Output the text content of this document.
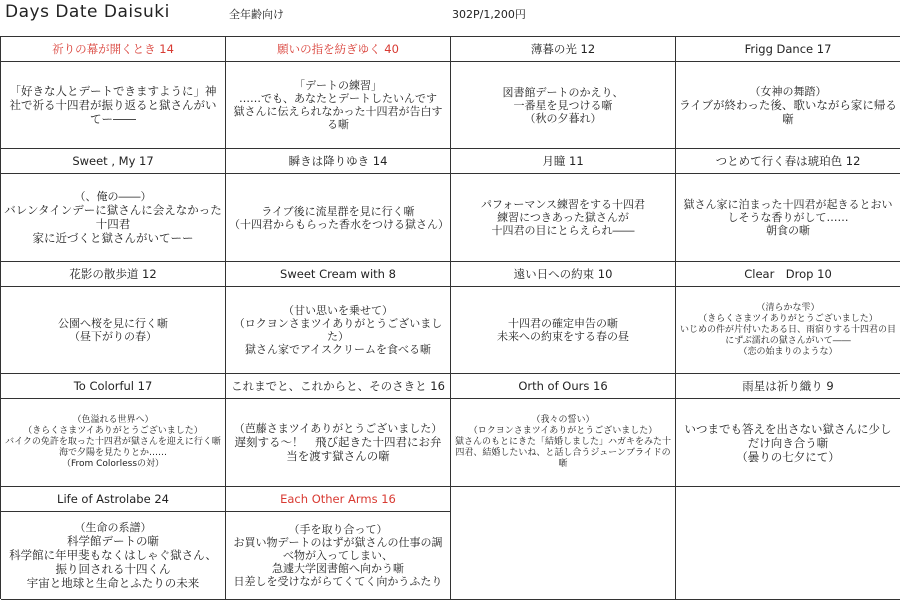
Days Date Daisuki	全年齢向け	302P/1,200円
祈りの幕が開くとき 14
「好きな人とデートできますように」神社で祈る十四君が振り返ると獄さんがいてー――
願いの指を紡ぎゆく 40
「デートの練習」
……でも、あなたとデートしたいんです
獄さんに伝えられなかった十四君が告白する噺
薄暮の光 12
図書館デートのかえり、
一番星を見つける噺
（秋の夕暮れ）
Frigg Dance 17
（女神の舞踏）
ライブが終わった後、歌いながら家に帰る噺
Sweet , My 17
（、俺の――）
バレンタインデーに獄さんに会えなかった十四君
家に近づくと獄さんがいてーー
瞬きは降りゆき 14
ライブ後に流星群を見に行く噺
（十四君からもらった香水をつける獄さん）
月瞳 11
パフォーマンス練習をする十四君
練習につきあった獄さんが
十四君の目にとらえられ――
つとめて行く春は琥珀色 12
獄さん家に泊まった十四君が起きるとおいしそうな香りがして……
朝食の噺
花影の散歩道 12
公園へ桜を見に行く噺
（昼下がりの春）
Sweet Cream with 8
（甘い思いを乗せて）
（ロクヨンさまツイありがとうございました）
獄さん家でアイスクリームを食べる噺
遠い日への約束 10
十四君の確定申告の噺
未来への約束をする春の昼
Clear　Drop 10
（清らかな雫）
（きらくさまツイありがとうございました）
いじめの件が片付いたある日、雨宿りする十四君の目にずぶ濡れの獄さんがいて――
（恋の始まりのような）
To Colorful 17
（色溢れる世界へ）
（きらくさまツイありがとうございました）
バイクの免許を取った十四君が獄さんを迎えに行く噺
海で夕陽を見たりとか……
（From Colorlessの対）
これまでと、これからと、そのさきと 16
（芭藤さまツイありがとうございました）
遅刻する～！　飛び起きた十四君にお弁当を渡す獄さんの噺
Orth of Ours 16
（我々の誓い）
（ロクヨンさまツイありがとうございました）
獄さんのもとにきた「結婚しました」ハガキをみた十四君、結婚したいね、と話し合うジューンブライドの噺
雨星は祈り織り 9
いつまでも答えを出さない獄さんに少しだけ向き合う噺
（曇りの七夕にて）
Life of Astrolabe 24
（生命の系譜）
科学館デートの噺
科学館に年甲斐もなくはしゃぐ獄さん、振り回される十四くん
宇宙と地球と生命とふたりの未来
Each Other Arms 16
（手を取り合って）
お買い物デートのはずが獄さんの仕事の調べ物が入ってしまい、
急遽大学図書館へ向かう噺
日差しを受けながらてくてく向かうふたり
